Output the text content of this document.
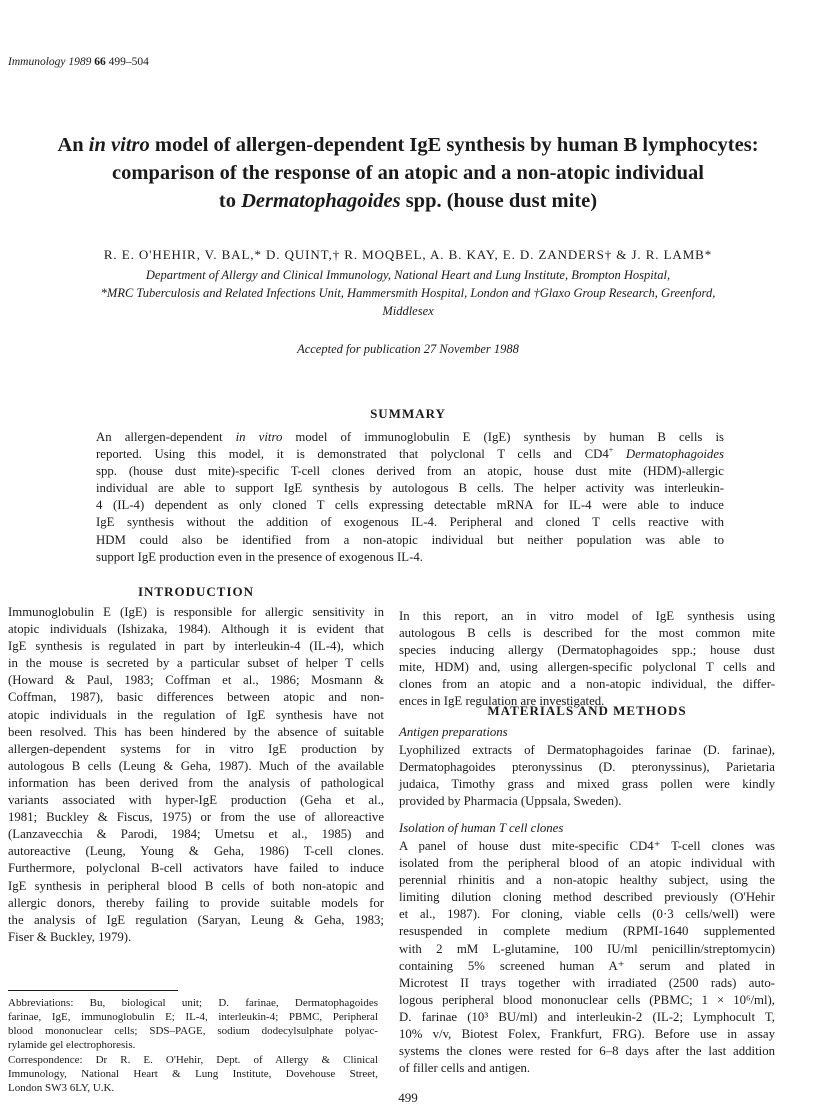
Immunology 1989 66 499–504
An in vitro model of allergen-dependent IgE synthesis by human B lymphocytes:
comparison of the response of an atopic and a non-atopic individual
to Dermatophagoides spp. (house dust mite)
R. E. O'HEHIR, V. BAL,* D. QUINT,† R. MOQBEL, A. B. KAY, E. D. ZANDERS† & J. R. LAMB*
Department of Allergy and Clinical Immunology, National Heart and Lung Institute, Brompton Hospital,
*MRC Tuberculosis and Related Infections Unit, Hammersmith Hospital, London and †Glaxo Group Research, Greenford,
Middlesex
Accepted for publication 27 November 1988
SUMMARY
An allergen-dependent in vitro model of immunoglobulin E (IgE) synthesis by human B cells is
reported. Using this model, it is demonstrated that polyclonal T cells and CD4+ Dermatophagoides
spp. (house dust mite)-specific T-cell clones derived from an atopic, house dust mite (HDM)-allergic
individual are able to support IgE synthesis by autologous B cells. The helper activity was interleukin-
4 (IL-4) dependent as only cloned T cells expressing detectable mRNA for IL-4 were able to induce
IgE synthesis without the addition of exogenous IL-4. Peripheral and cloned T cells reactive with
HDM could also be identified from a non-atopic individual but neither population was able to
support IgE production even in the presence of exogenous IL-4.
INTRODUCTION
Immunoglobulin E (IgE) is responsible for allergic sensitivity in
atopic individuals (Ishizaka, 1984). Although it is evident that
IgE synthesis is regulated in part by interleukin-4 (IL-4), which
in the mouse is secreted by a particular subset of helper T cells
(Howard & Paul, 1983; Coffman et al., 1986; Mosmann &
Coffman, 1987), basic differences between atopic and non-
atopic individuals in the regulation of IgE synthesis have not
been resolved. This has been hindered by the absence of suitable
allergen-dependent systems for in vitro IgE production by
autologous B cells (Leung & Geha, 1987). Much of the available
information has been derived from the analysis of pathological
variants associated with hyper-IgE production (Geha et al.,
1981; Buckley & Fiscus, 1975) or from the use of alloreactive
(Lanzavecchia & Parodi, 1984; Umetsu et al., 1985) and
autoreactive (Leung, Young & Geha, 1986) T-cell clones.
Furthermore, polyclonal B-cell activators have failed to induce
IgE synthesis in peripheral blood B cells of both non-atopic and
allergic donors, thereby failing to provide suitable models for
the analysis of IgE regulation (Saryan, Leung & Geha, 1983;
Fiser & Buckley, 1979).
Abbreviations: Bu, biological unit; D. farinae, Dermatophagoides
farinae, IgE, immunoglobulin E; IL-4, interleukin-4; PBMC, Peripheral
blood mononuclear cells; SDS–PAGE, sodium dodecylsulphate polyac-
rylamide gel electrophoresis.
Correspondence: Dr R. E. O'Hehir, Dept. of Allergy & Clinical
Immunology, National Heart & Lung Institute, Dovehouse Street,
London SW3 6LY, U.K.
In this report, an in vitro model of IgE synthesis using
autologous B cells is described for the most common mite
species inducing allergy (Dermatophagoides spp.; house dust
mite, HDM) and, using allergen-specific polyclonal T cells and
clones from an atopic and a non-atopic individual, the differ-
ences in IgE regulation are investigated.
MATERIALS AND METHODS
Antigen preparations
Lyophilized extracts of Dermatophagoides farinae (D. farinae),
Dermatophagoides pteronyssinus (D. pteronyssinus), Parietaria
judaica, Timothy grass and mixed grass pollen were kindly
provided by Pharmacia (Uppsala, Sweden).
Isolation of human T cell clones
A panel of house dust mite-specific CD4⁺ T-cell clones was
isolated from the peripheral blood of an atopic individual with
perennial rhinitis and a non-atopic healthy subject, using the
limiting dilution cloning method described previously (O'Hehir
et al., 1987). For cloning, viable cells (0·3 cells/well) were
resuspended in complete medium (RPMI-1640 supplemented
with 2 mM L-glutamine, 100 IU/ml penicillin/streptomycin)
containing 5% screened human A⁺ serum and plated in
Microtest II trays together with irradiated (2500 rads) auto-
logous peripheral blood mononuclear cells (PBMC; 1 × 10⁶/ml),
D. farinae (10³ BU/ml) and interleukin-2 (IL-2; Lymphocult T,
10% v/v, Biotest Folex, Frankfurt, FRG). Before use in assay
systems the clones were rested for 6–8 days after the last addition
of filler cells and antigen.
499
